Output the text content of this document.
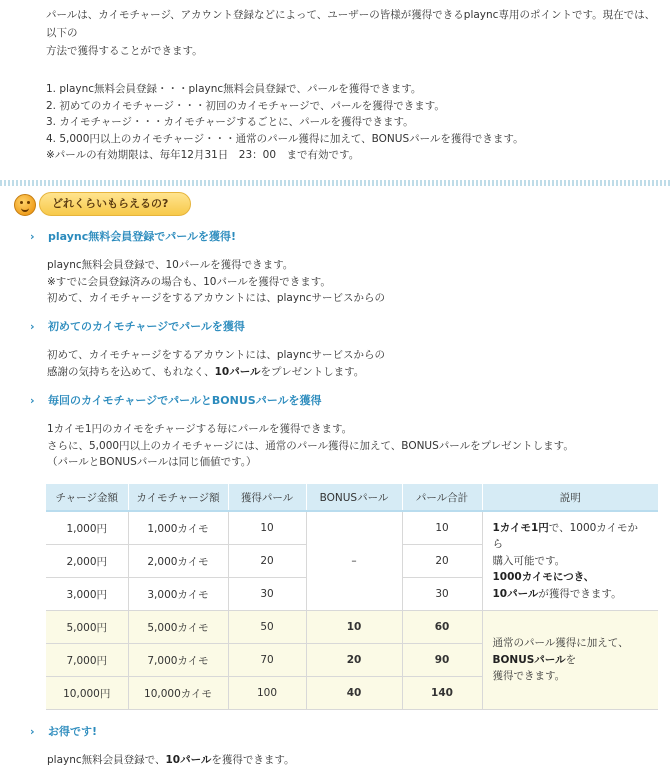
パールは、カイモチャージ、アカウント登録などによって、ユーザーの皆様が獲得できるplaync専用のポイントです。現在では、以下の

方法で獲得することができます。

1. plaync無料会員登録・・・plaync無料会員登録で、パールを獲得できます。

2. 初めてのカイモチャージ・・・初回のカイモチャージで、パールを獲得できます。

3. カイモチャージ・・・カイモチャージするごとに、パールを獲得できます。

4. 5,000円以上のカイモチャージ・・・通常のパール獲得に加えて、BONUSパールを獲得できます。

※パールの有効期限は、毎年12月31日　23：00　まで有効です。

どれくらいもらえるの?
› plaync無料会員登録でパールを獲得!

plaync無料会員登録で、10パールを獲得できます。

※すでに会員登録済みの場合も、10パールを獲得できます。

初めて、カイモチャージをするアカウントには、playncサービスからの

› 初めてのカイモチャージでパールを獲得

初めて、カイモチャージをするアカウントには、playncサービスからの

感謝の気持ちを込めて、もれなく、10パールをプレゼントします。

› 毎回のカイモチャージでパールとBONUSパールを獲得

1カイモ1円のカイモをチャージする毎にパールを獲得できます。

さらに、5,000円以上のカイモチャージには、通常のパール獲得に加えて、BONUSパールをプレゼントします。

（パールとBONUSパールは同じ価値です。）

チャージ金額	カイモチャージ額	獲得パール	BONUSパール	パール合計	説明
1,000円	1,000カイモ	10	–	10	1カイモ1円で、1000カイモから
購入可能です。
1000カイモにつき、
10パールが獲得できます。
2,000円	2,000カイモ	20		20	
3,000円	3,000カイモ	30		30	
5,000円	5,000カイモ	50	10	60	通常のパール獲得に加えて、
BONUSパールを
獲得できます。
7,000円	7,000カイモ	70	20	90	
10,000円	10,000カイモ	100	40	140	
› お得です!

plaync無料会員登録で、10パールを獲得できます。
